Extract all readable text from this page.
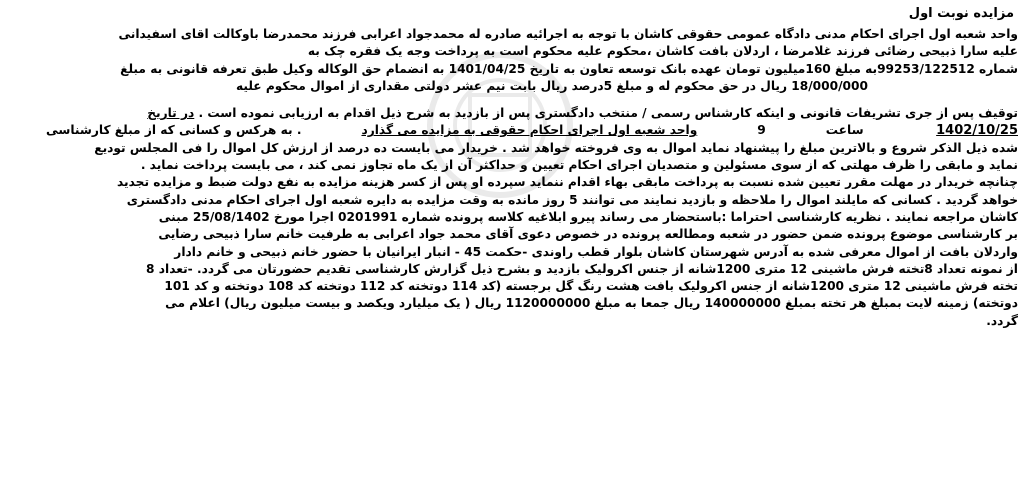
مزایده نوبت اول
واحد شعبه اول اجرای احکام مدنی دادگاه عمومی حقوقی کاشان با توجه به اجرائیه صادره له محمدجواد اعرابی فرزند محمدرضا باوکالت اقای اسفیدانی
علیه سارا ذبیحی رضائی فرزند غلامرضا ، اردلان بافت کاشان ،محکوم علیه محکوم است به پرداخت وجه یک فقره چک به
شماره 99253/122512به مبلغ 160میلیون تومان عهده بانک توسعه تعاون به تاریخ 1401/04/25 به انضمام حق الوکاله وکیل طبق تعرفه قانونی به مبلغ
18/000/000 ریال در حق محکوم له و مبلغ 5درصد ریال بابت نیم عشر دولتی مقداری از اموال محکوم علیه
توقیف پس از جری تشریفات قانونی و اینکه کارشناس رسمی / منتخب دادگستری پس از بازدید به شرح ذیل اقدام به ارزیابی نموده است . در تاریخ
1402/10/25
ساعت
9
واحد شعبه اول اجرای احکام حقوقی به مزایده می گذارد
. به هرکس و کسانی که از مبلغ کارشناسی
شده ذیل الذکر شروع و بالاترین مبلغ را پیشنهاد نماید اموال به وی فروخته خواهد شد . خریدار می بایست ده درصد از ارزش کل اموال را فی المجلس تودیع
نماید و مابقی را ظرف مهلتی که از سوی مسئولین و متصدیان اجرای احکام تعیین و حداکثر آن از یک ماه تجاوز نمی کند ، می بایست پرداخت نماید .
چنانچه خریدار در مهلت مقرر تعیین شده نسبت به پرداخت مابقی بهاء اقدام ننماید سپرده او پس از کسر هزینه مزایده به نفع دولت ضبط و مزایده تجدید
خواهد گردید . کسانی که مایلند اموال را ملاحظه و بازدید نمایند می توانند 5 روز مانده به وقت مزایده به دایره شعبه اول اجرای احکام مدنی دادگستری
کاشان مراجعه نمایند . نظریه کارشناسی احتراما :باستحضار می رساند پیرو ابلاغیه کلاسه پرونده شماره 0201991 اجرا مورخ 25/08/1402 مبنی
بر کارشناسی موضوع پرونده ضمن حضور در شعبه ومطالعه پرونده در خصوص دعوی آقای محمد جواد اعرابی به طرفیت خانم سارا ذبیحی رضایی
واردلان بافت از اموال معرفی شده به آدرس شهرستان کاشان بلوار قطب راوندی -حکمت 45 - انبار ایرانیان با حضور خانم ذبیحی و خانم دادار
از نمونه تعداد 8تخته فرش ماشینی 12 متری 1200شانه از جنس اکرولیک بازدید و بشرح ذیل گزارش کارشناسی تقدیم حضورتان می گردد. -تعداد 8
تخته فرش ماشینی 12 متری 1200شانه از جنس اکرولیک بافت هشت رنگ گل برجسته (کد 114 دوتخته کد 112 دوتخته کد 108 دوتخته و کد 101
دوتخته) زمینه لایت بمبلغ هر تخته بمبلغ 140000000 ریال جمعا به مبلغ 1120000000 ریال ( یک میلیارد ویکصد و بیست میلیون ریال) اعلام می
گردد.
